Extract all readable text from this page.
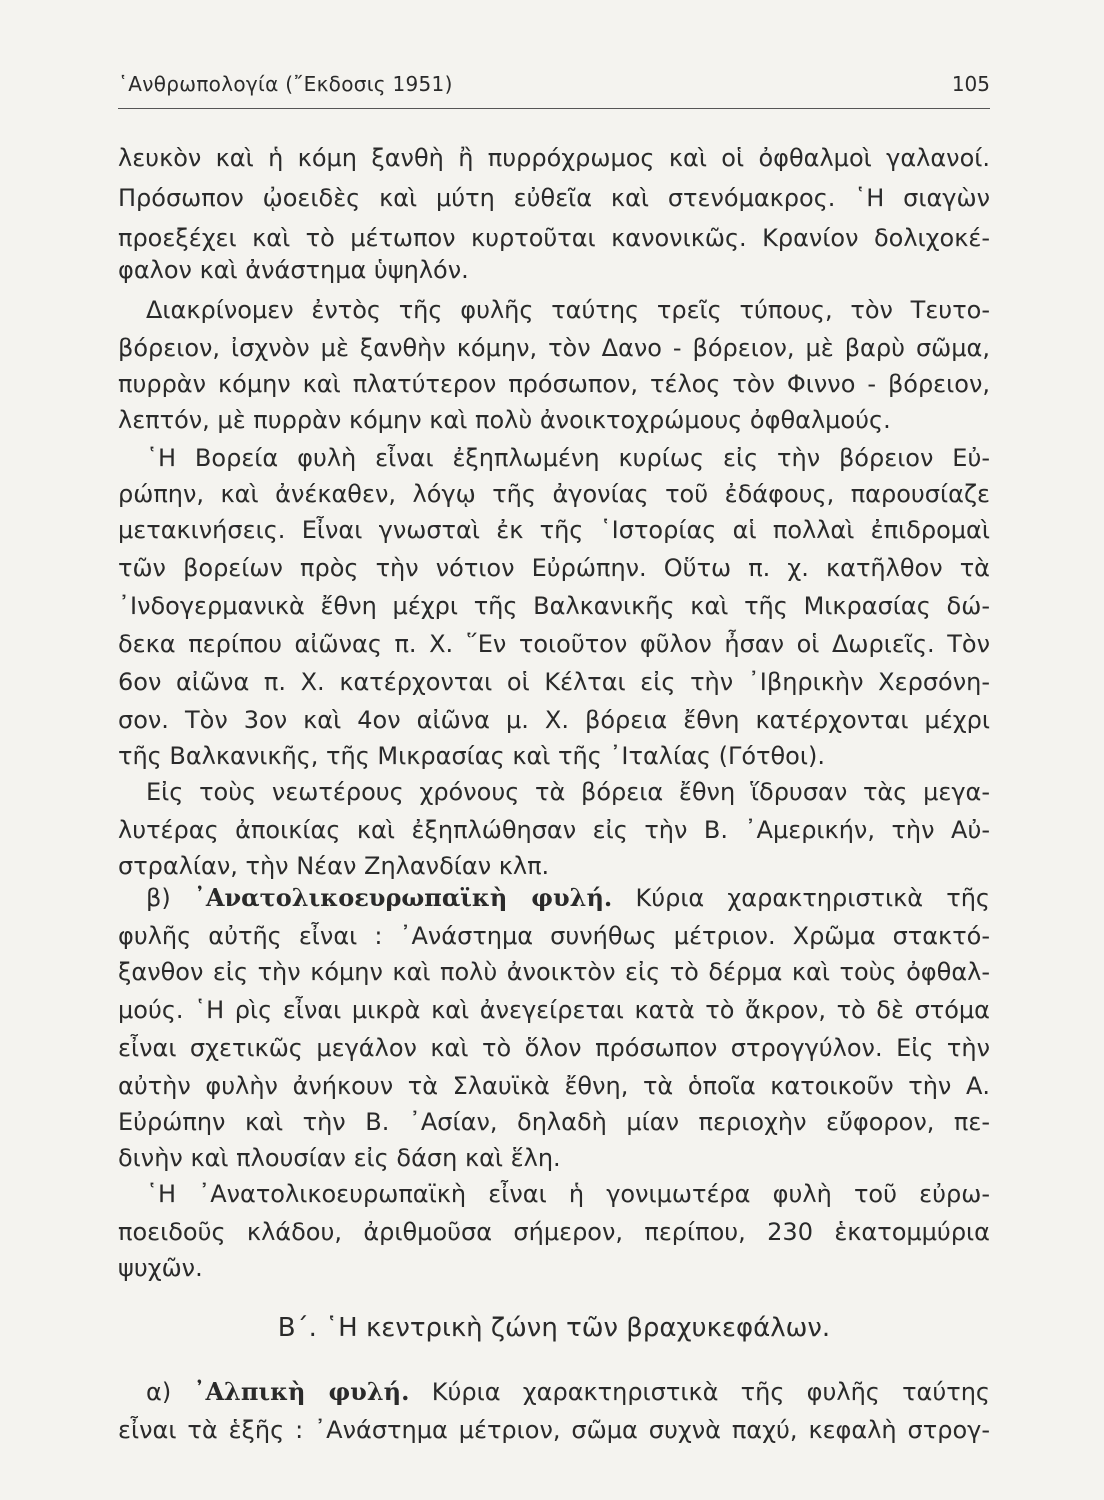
῾Ανθρωπολογία (῎Εκδοσις 1951)	105
λευκὸν καὶ ἡ κόμη ξανθὴ ἢ πυρρόχρωμος καὶ οἱ ὀφθαλμοὶ γαλανοί.
Πρόσωπον ᾠοειδὲς καὶ μύτη εὐθεῖα καὶ στενόμακρος. ῾Η σιαγὼν
προεξέχει καὶ τὸ μέτωπον κυρτοῦται κανονικῶς. Κρανίον δολιχοκέ-
φαλον καὶ ἀνάστημα ὑψηλόν.
Διακρίνομεν ἐντὸς τῆς φυλῆς ταύτης τρεῖς τύπους, τὸν Τευτο-
βόρειον, ἰσχνὸν μὲ ξανθὴν κόμην, τὸν Δανο - βόρειον, μὲ βαρὺ σῶμα,
πυρρὰν κόμην καὶ πλατύτερον πρόσωπον, τέλος τὸν Φιννο - βόρειον,
λεπτόν, μὲ πυρρὰν κόμην καὶ πολὺ ἀνοικτοχρώμους ὀφθαλμούς.
῾Η Βορεία φυλὴ εἶναι ἐξηπλωμένη κυρίως εἰς τὴν βόρειον Εὐ-
ρώπην, καὶ ἀνέκαθεν, λόγῳ τῆς ἀγονίας τοῦ ἐδάφους, παρουσίαζε
μετακινήσεις. Εἶναι γνωσταὶ ἐκ τῆς ῾Ιστορίας αἱ πολλαὶ ἐπιδρομαὶ
τῶν βορείων πρὸς τὴν νότιον Εὐρώπην. Οὕτω π. χ. κατῆλθον τὰ
᾿Ινδογερμανικὰ ἔθνη μέχρι τῆς Βαλκανικῆς καὶ τῆς Μικρασίας δώ-
δεκα περίπου αἰῶνας π. Χ. ῞Εν τοιοῦτον φῦλον ἦσαν οἱ Δωριεῖς. Τὸν
6ον αἰῶνα π. Χ. κατέρχονται οἱ Κέλται εἰς τὴν ᾿Ιβηρικὴν Χερσόνη-
σον. Τὸν 3ον καὶ 4ον αἰῶνα μ. Χ. βόρεια ἔθνη κατέρχονται μέχρι
τῆς Βαλκανικῆς, τῆς Μικρασίας καὶ τῆς ᾿Ιταλίας (Γότθοι).
Εἰς τοὺς νεωτέρους χρόνους τὰ βόρεια ἔθνη ἵδρυσαν τὰς μεγα-
λυτέρας ἀποικίας καὶ ἐξηπλώθησαν εἰς τὴν Β. ᾿Αμερικήν, τὴν Αὐ-
στραλίαν, τὴν Νέαν Ζηλανδίαν κλπ.
β) ᾿Ανατολικοευρωπαϊκὴ φυλή. Κύρια χαρακτηριστικὰ τῆς
φυλῆς αὐτῆς εἶναι : ᾿Ανάστημα συνήθως μέτριον. Χρῶμα στακτό-
ξανθον εἰς τὴν κόμην καὶ πολὺ ἀνοικτὸν εἰς τὸ δέρμα καὶ τοὺς ὀφθαλ-
μούς. ῾Η ρὶς εἶναι μικρὰ καὶ ἀνεγείρεται κατὰ τὸ ἄκρον, τὸ δὲ στόμα
εἶναι σχετικῶς μεγάλον καὶ τὸ ὅλον πρόσωπον στρογγύλον. Εἰς τὴν
αὐτὴν φυλὴν ἀνήκουν τὰ Σλαυϊκὰ ἔθνη, τὰ ὁποῖα κατοικοῦν τὴν Α.
Εὐρώπην καὶ τὴν Β. ᾿Ασίαν, δηλαδὴ μίαν περιοχὴν εὔφορον, πε-
δινὴν καὶ πλουσίαν εἰς δάση καὶ ἕλη.
῾Η ᾿Ανατολικοευρωπαϊκὴ εἶναι ἡ γονιμωτέρα φυλὴ τοῦ εὐρω-
ποειδοῦς κλάδου, ἀριθμοῦσα σήμερον, περίπου, 230 ἑκατομμύρια
ψυχῶν.
Β΄. ῾Η κεντρικὴ ζώνη τῶν βραχυκεφάλων.
α) ᾿Αλπικὴ φυλή. Κύρια χαρακτηριστικὰ τῆς φυλῆς ταύτης
εἶναι τὰ ἑξῆς : ᾿Ανάστημα μέτριον, σῶμα συχνὰ παχύ, κεφαλὴ στρογ-
